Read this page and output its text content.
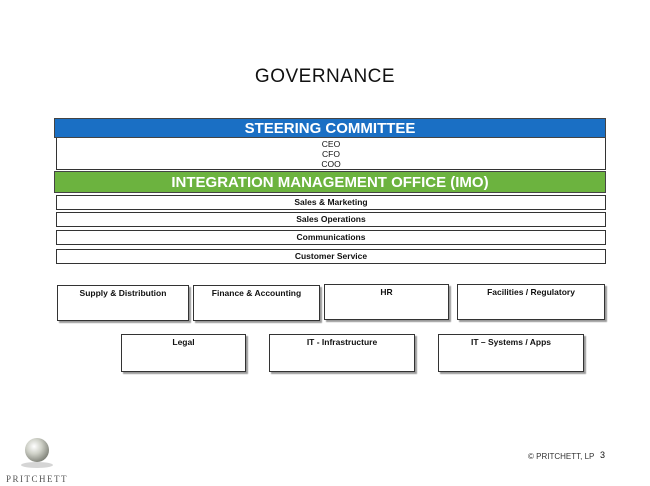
GOVERNANCE
STEERING COMMITTEE
CEO
CFO
COO
INTEGRATION MANAGEMENT OFFICE (IMO)
Sales & Marketing
Sales Operations
Communications
Customer Service
Supply & Distribution	Finance & Accounting	HR	Facilities / Regulatory
Legal	IT - Infrastructure	IT – Systems / Apps
PRITCHETT
© PRITCHETT, LP 3
